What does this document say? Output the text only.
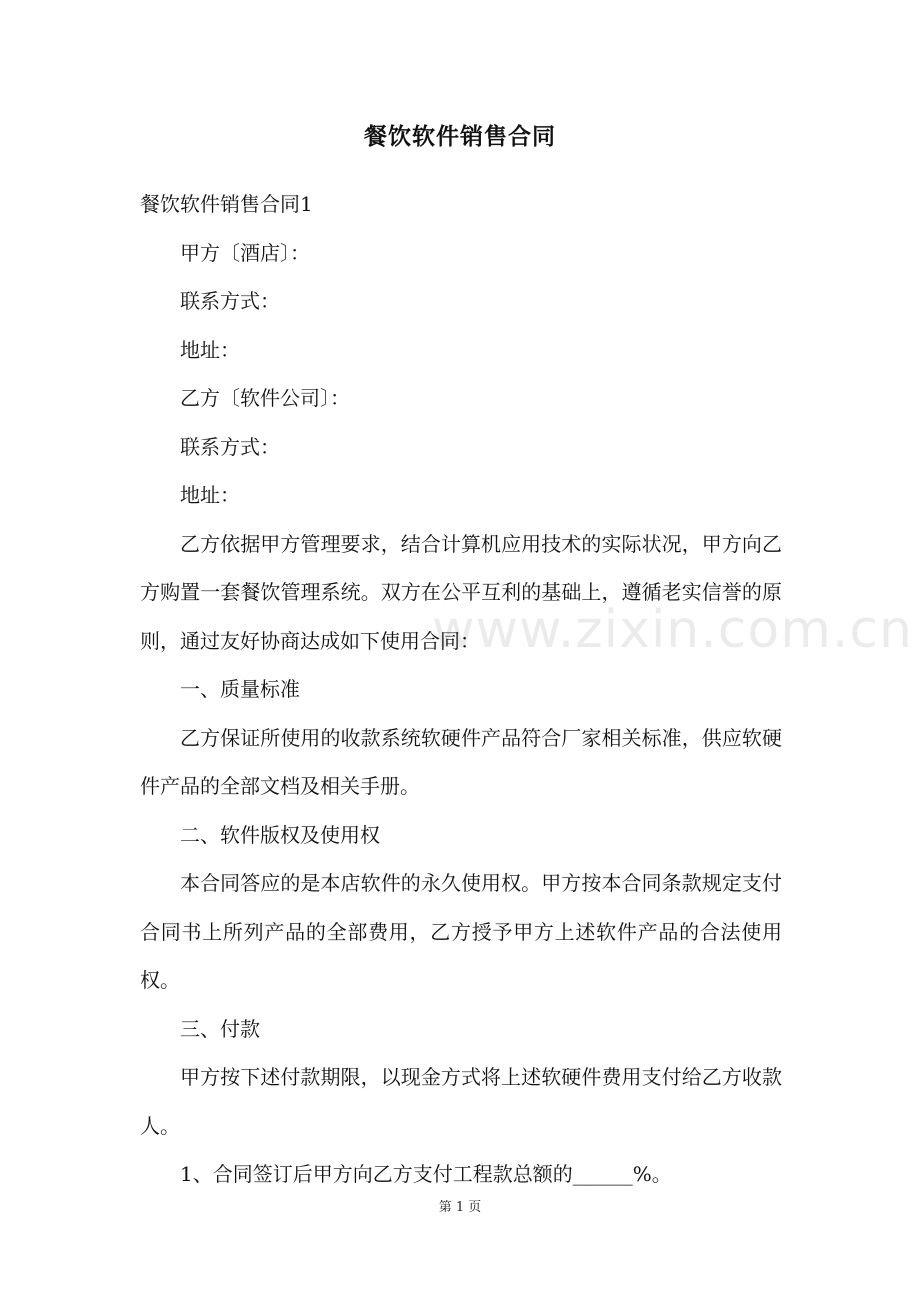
餐饮软件销售合同

餐饮软件销售合同1

甲方〔酒店〕：

联系方式：

地址：

乙方〔软件公司〕：

联系方式：

地址：

乙方依据甲方管理要求，结合计算机应用技术的实际状况，甲方向乙方购置一套餐饮管理系统。双方在公平互利的基础上，遵循老实信誉的原则，通过友好协商达成如下使用合同：

一、质量标准

乙方保证所使用的收款系统软硬件产品符合厂家相关标准，供应软硬件产品的全部文档及相关手册。

二、软件版权及使用权

本合同答应的是本店软件的永久使用权。甲方按本合同条款规定支付合同书上所列产品的全部费用，乙方授予甲方上述软件产品的合法使用权。

三、付款

甲方按下述付款期限，以现金方式将上述软硬件费用支付给乙方收款人。

1、合同签订后甲方向乙方支付工程款总额的______%。

www.zixin.com.cn
第 1 页
